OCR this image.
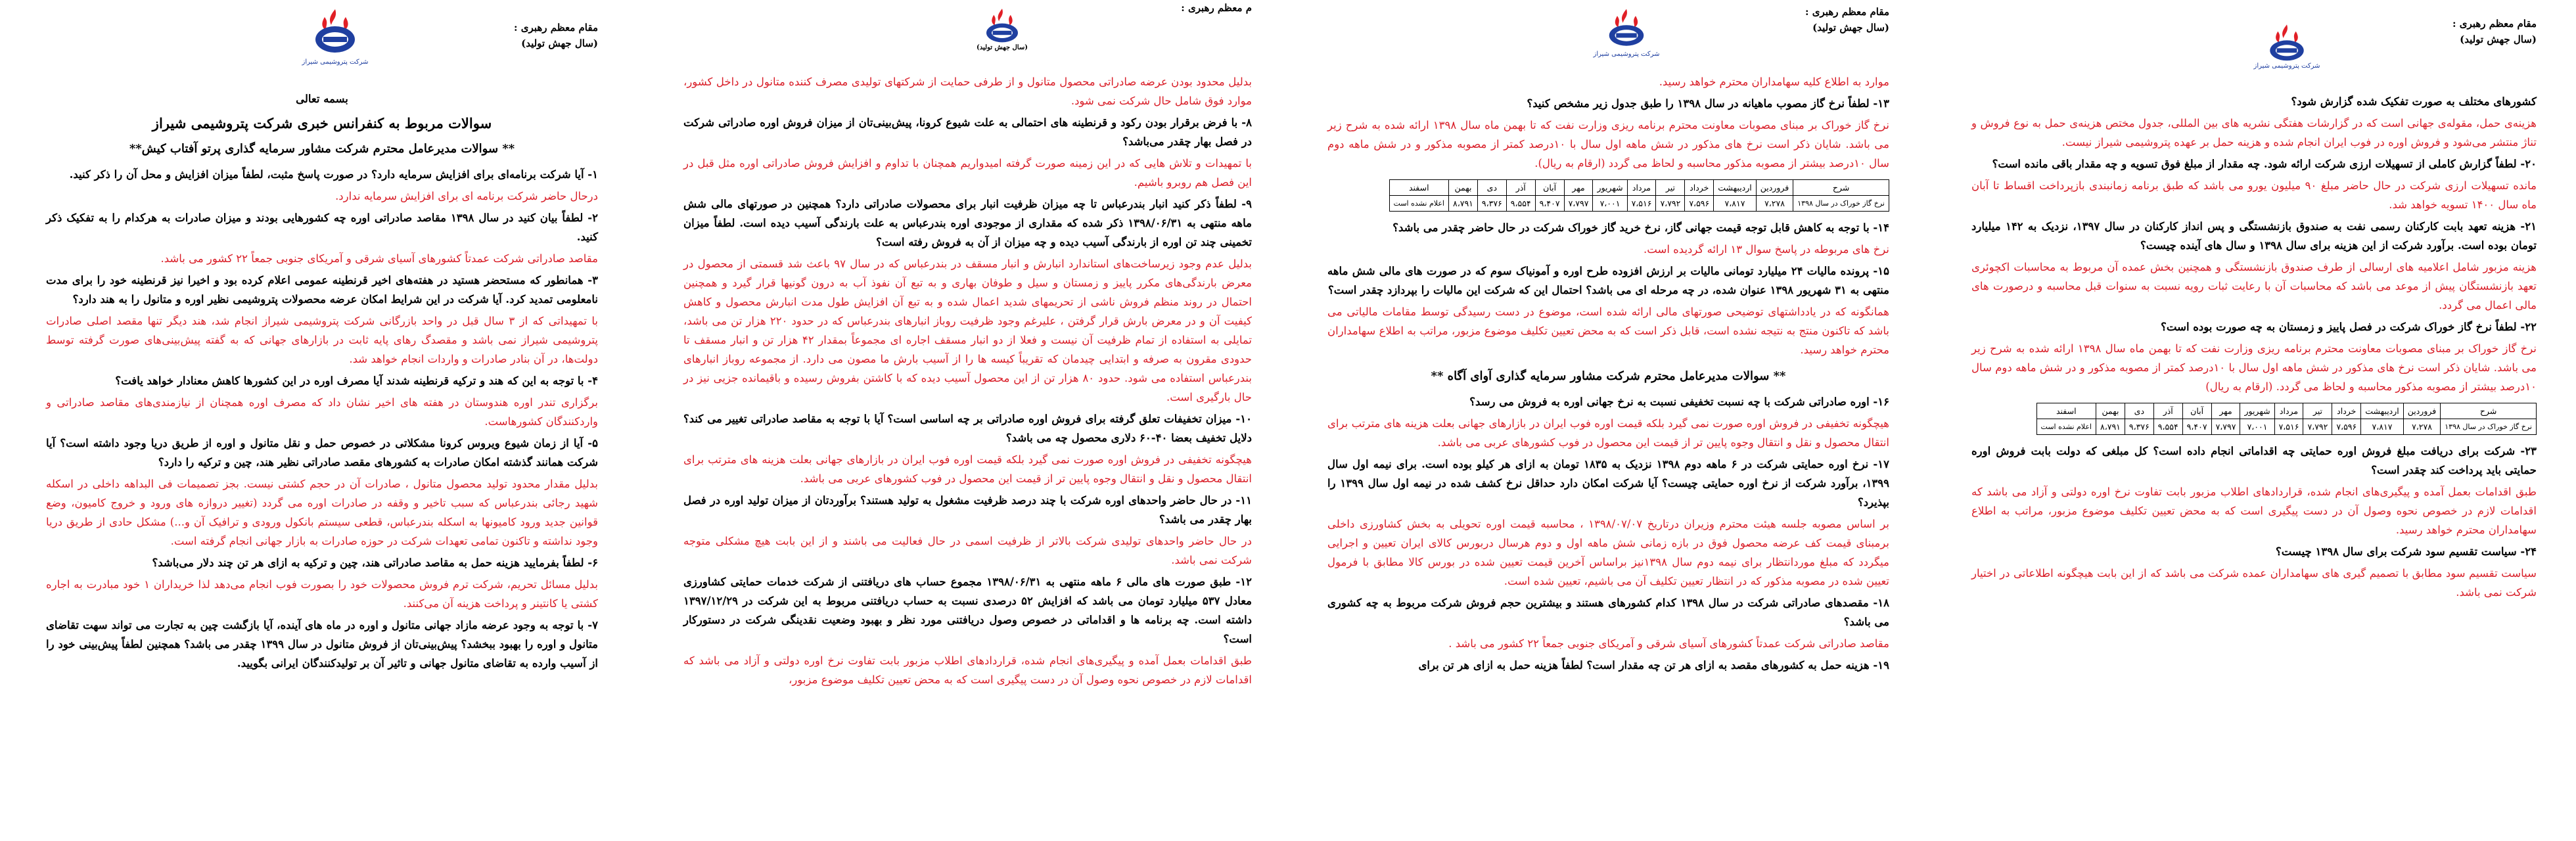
مقام معظم رهبری :
(سال جهش تولید)
شرکت پتروشیمی شیراز

بسمه تعالی

سوالات مربوط به کنفرانس خبری شرکت پتروشیمی شیراز
** سوالات مدیرعامل محترم شرکت مشاور سرمایه گذاری پرتو آفتاب کیش**

۱- آیا شرکت برنامه‌ای برای افزایش سرمایه دارد؟ در صورت پاسخ مثبت، لطفاً میزان افزایش و محل آن را ذکر کنید.

درحال حاضر شرکت برنامه ای برای افزایش سرمایه ندارد.

۲- لطفاً بیان کنید در سال ۱۳۹۸ مقاصد صادراتی اوره چه کشورهایی بودند و میزان صادرات به هرکدام را به تفکیک ذکر کنید.

مقاصد صادراتی شرکت عمدتاً کشورهای آسیای شرقی و آمریکای جنوبی جمعاً ۲۲ کشور می باشد.

۳- همانطور که مستحضر هستید در هفته‌های اخیر قرنطینه عمومی اعلام کرده بود و اخیرا نیز قرنطینه خود را برای مدت نامعلومی تمدید کرد. آیا شرکت در این شرایط امکان عرضه محصولات پتروشیمی نظیر اوره و متانول را به هند دارد؟

با تمهیداتی که از ۳ سال قبل در واحد بازرگانی شرکت پتروشیمی شیراز انجام شد، هند دیگر تنها مقصد اصلی صادرات پتروشیمی شیراز نمی باشد و مقصدگ رهای پایه ثابت در بازارهای جهانی که به گفته پیش‌بینی‌های صورت گرفته توسط دولت‌ها، در آن بنادر صادرات و واردات انجام خواهد شد.

۴- با توجه به این که هند و ترکیه قرنطینه شدند آیا مصرف اوره در این کشورها کاهش معنادار خواهد یافت؟

برگزاری تندر اوره هندوستان در هفته های اخیر نشان داد که مصرف اوره همچنان از نیازمندی‌های مقاصد صادراتی و واردکنندگان کشورهاست.

۵- آیا از زمان شیوع ویروس کرونا مشکلاتی در خصوص حمل و نقل متانول و اوره از طریق دریا وجود داشته است؟ آیا شرکت همانند گذشته امکان صادرات به کشورهای مقصد صادراتی نظیر هند، چین و ترکیه را دارد؟

بدلیل مقدار محدود تولید محصول متانول ، صادرات آن در حجم کشتی نیست. بجز تصمیمات فی البداهه داخلی در اسکله شهید رجائی بندرعباس که سبب تاخیر و وقفه در صادرات اوره می گردد (تغییر دروازه های ورود و خروج کامیون، وضع قوانین جدید ورود کامیونها به اسکله بندرعباس، قطعی سیستم بانکول ورودی و ترافیک آن و...) مشکل حادی از طریق دریا وجود نداشته و تاکنون تمامی تعهدات شرکت در حوزه صادرات به بازار جهانی انجام گرفته است.

۶- لطفاً بفرمایید هزینه حمل به مقاصد صادراتی هند، چین و ترکیه به ازای هر تن چند دلار می‌باشد؟

بدلیل مسائل تحریم، شرکت ترم فروش محصولات خود را بصورت فوب انجام می‌دهد لذا خریداران ۱ خود مبادرت به اجاره کشتی یا کانتینر و پرداخت هزینه آن می‌کنند.

۷- با توجه به وجود عرضه مازاد جهانی متانول و اوره در ماه های آینده، آیا بازگشت چین به تجارت می تواند سهت تقاضای متانول و اوره را بهبود ببخشد؟ پیش‌بینی‌تان از فروش متانول در سال ۱۳۹۹ چقدر می باشد؟ همچنین لطفاً پیش‌بینی خود را از آسیب وارده به تقاضای متانول جهانی و تاثیر آن بر تولیدکنندگان ایرانی بگویید.

م معظم رهبری :
(سال جهش تولید)

بدلیل محدود بودن عرضه صادراتی محصول متانول و از طرفی حمایت از شرکتهای تولیدی مصرف کننده متانول در داخل کشور، موارد فوق شامل حال شرکت نمی شود.

۸- با فرض برقرار بودن رکود و قرنطینه های احتمالی به علت شیوع کرونا، پیش‌بینی‌تان از میزان فروش اوره صادراتی شرکت در فصل بهار چقدر می‌باشد؟

با تمهیدات و تلاش هایی که در این زمینه صورت گرفته امیدواریم همچنان با تداوم و افزایش فروش صادراتی اوره مثل قبل در این فصل هم روبرو باشیم.

۹- لطفاً ذکر کنید انبار بندرعباس تا چه میزان ظرفیت انبار برای محصولات صادراتی دارد؟ همچنین در صورتهای مالی شش ماهه منتهی به ۱۳۹۸/۰۶/۳۱ ذکر شده که مقداری از موجودی اوره بندرعباس به علت بارندگی آسیب دیده است. لطفاً میزان تخمینی چند تن اوره از بارندگی آسیب دیده و چه میزان از آن به فروش رفته است؟

بدلیل عدم وجود زیرساخت‌های استاندارد انبارش و انبار مسقف در بندرعباس که در سال ۹۷ باعث شد قسمتی از محصول در معرض بارندگی‌های مکرر پاییز و زمستان و سیل و طوفان بهاری و به تبع آن نفوذ آب به درون گونیها قرار گیرد و همچنین احتمال در روند منظم فروش ناشی از تحریمهای شدید اعمال شده و به تبع آن افزایش طول مدت انبارش محصول و کاهش کیفیت آن و در معرض بارش قرار گرفتن ، علیرغم وجود ظرفیت روباز انبارهای بندرعباس که در حدود ۲۲۰ هزار تن می باشد، تمایلی به استفاده از تمام ظرفیت آن نیست و فعلا از دو انبار مسقف اجاره ای مجموعاً بمقدار ۴۲ هزار تن و انبار مسقف تا حدودی مقرون به صرفه و ابتدایی چیدمان که تقریباً کیسه ها را از آسیب بارش ما مصون می دارد. از مجموعه روباز انبارهای بندرعباس استفاده می شود. حدود ۸۰ هزار تن از این محصول آسیب دیده که با کاشتن بفروش رسیده و باقیمانده جزیی نیز در حال بارگیری است.

۱۰- میزان تخفیفات تعلق گرفته برای فروش اوره صادراتی بر چه اساسی است؟ آیا با توجه به مقاصد صادراتی تغییر می کند؟ دلایل تخفیف بعضا ۴۰-۶۰ دلاری محصول چه می باشد؟

هیچگونه تخفیفی در فروش اوره صورت نمی گیرد بلکه قیمت اوره فوب ایران در بازارهای جهانی بعلت هزینه های مترتب برای انتقال محصول و نقل و انتقال وجوه پایین تر از قیمت این محصول در فوب کشورهای عربی می باشد.

۱۱- در حال حاضر واحدهای اوره شرکت با چند درصد ظرفیت مشغول به تولید هستند؟ برآوردتان از میزان تولید اوره در فصل بهار چقدر می باشد؟

در حال حاضر واحدهای تولیدی شرکت بالاتر از ظرفیت اسمی در حال فعالیت می باشند و از این بابت هیچ مشکلی متوجه شرکت نمی باشد.

۱۲- طبق صورت های مالی ۶ ماهه منتهی به ۱۳۹۸/۰۶/۳۱ مجموع حساب های دریافتنی از شرکت خدمات حمایتی کشاورزی معادل ۵۳۷ میلیارد تومان می باشد که افزایش ۵۲ درصدی نسبت به حساب دریافتنی مربوط به این شرکت در ۱۳۹۷/۱۲/۲۹ داشته است. چه برنامه ها و اقداماتی در خصوص وصول دریافتنی مورد نظر و بهبود وضعیت نقدینگی شرکت در دستورکار است؟

طبق اقدامات بعمل آمده و پیگیری‌های انجام شده، قراردادهای اطلاب مزبور بابت تفاوت نرخ اوره دولتی و آزاد می باشد که اقدامات لازم در خصوص نحوه وصول آن در دست پیگیری است که به محض تعیین تکلیف موضوع مزبور،

مقام معظم رهبری :
(سال جهش تولید)
شرکت پتروشیمی شیراز

موارد به اطلاع کلیه سهامداران محترم خواهد رسید.

۱۳- لطفاً نرخ گاز مصوب ماهیانه در سال ۱۳۹۸ را طبق جدول زیر مشخص کنید؟

نرخ گاز خوراک بر مبنای مصوبات معاونت محترم برنامه ریزی وزارت نفت که تا بهمن ماه سال ۱۳۹۸ ارائه شده به شرح زیر می باشد. شایان ذکر است نرخ های مذکور در شش ماهه اول سال با ۱۰درصد کمتر از مصوبه مذکور و در شش ماهه دوم سال ۱۰درصد بیشتر از مصوبه مذکور محاسبه و لحاظ می گردد (ارقام به ریال).

شرح	فروردین	اردیبهشت	خرداد	تیر	مرداد	شهریور	مهر	آبان	آذر	دی	بهمن	اسفند
نرخ گاز خوراک در سال ۱۳۹۸	۷،۲۷۸	۷،۸۱۷	۷،۵۹۶	۷،۷۹۲	۷،۵۱۶	۷،۰۰۱	۷،۷۹۷	۹،۴۰۷	۹،۵۵۴	۹،۳۷۶	۸،۷۹۱	اعلام نشده است

۱۴- با توجه به کاهش قابل توجه قیمت جهانی گاز، نرخ خرید گاز خوراک شرکت در حال حاضر چقدر می باشد؟

نرخ های مربوطه در پاسخ سوال ۱۳ ارائه گردیده است.

۱۵- پرونده مالیات ۲۴ میلیارد تومانی مالیات بر ارزش افزوده طرح اوره و آمونیاک سوم که در صورت های مالی شش ماهه منتهی به ۳۱ شهریور ۱۳۹۸ عنوان شده، در چه مرحله ای می باشد؟ احتمال این که شرکت این مالیات را بپردازد چقدر است؟

همانگونه که در یادداشتهای توضیحی صورتهای مالی ارائه شده است، موضوع در دست رسیدگی توسط مقامات مالیاتی می باشد که تاکنون منتج به نتیجه نشده است، قابل ذکر است که به محض تعیین تکلیف موضوع مزبور، مراتب به اطلاع سهامداران محترم خواهد رسید.

** سوالات مدیرعامل محترم شرکت مشاور سرمایه گذاری آوای آگاه **

۱۶- اوره صادراتی شرکت با چه نسبت تخفیفی نسبت به نرخ جهانی اوره به فروش می رسد؟

هیچگونه تخفیفی در فروش اوره صورت نمی گیرد بلکه قیمت اوره فوب ایران در بازارهای جهانی بعلت هزینه های مترتب برای انتقال محصول و نقل و انتقال وجوه پایین تر از قیمت این محصول در فوب کشورهای عربی می باشد.

۱۷- نرخ اوره حمایتی شرکت در ۶ ماهه دوم ۱۳۹۸ نزدیک به ۱۸۳۵ تومان به ازای هر کیلو بوده است. برای نیمه اول سال ۱۳۹۹، برآورد شرکت از نرخ اوره حمایتی چیست؟ آیا شرکت امکان دارد حداقل نرخ کشف شده در نیمه اول سال ۱۳۹۹ را بپذیرد؟

بر اساس مصوبه جلسه هیئت محترم وزیران درتاریخ ۱۳۹۸/۰۷/۰۷ ، محاسبه قیمت اوره تحویلی به بخش کشاورزی داخلی برمبنای قیمت کف عرضه محصول فوق در بازه زمانی شش ماهه اول و دوم هرسال دربورس کالای ایران تعیین و اجرایی میگردد که مبلغ موردانتظار برای نیمه دوم سال ۱۳۹۸نیز براساس آخرین قیمت تعیین شده در بورس کالا مطابق با فرمول تعیین شده در مصوبه مذکور که در انتظار تعیین تکلیف آن می باشیم، تعیین شده است.

۱۸- مقصدهای صادراتی شرکت در سال ۱۳۹۸ کدام کشورهای هستند و بیشترین حجم فروش شرکت مربوط به چه کشوری می باشد؟

مقاصد صادراتی شرکت عمدتاً کشورهای آسیای شرقی و آمریکای جنوبی جمعاً ۲۲ کشور می باشد .

۱۹- هزینه حمل به کشورهای مقصد به ازای هر تن چه مقدار است؟ لطفاً هزینه حمل به ازای هر تن برای

مقام معظم رهبری :
(سال جهش تولید)
شرکت پتروشیمی شیراز

کشورهای مختلف به صورت تفکیک شده گزارش شود؟

هزینه‌ی حمل، مقوله‌ی جهانی است که در گزارشات هفتگی نشریه های بین المللی، جدول مختص هزینه‌ی حمل به نوع فروش و تناژ منتشر می‌شود و فروش اوره در فوب ایران انجام شده و هزینه حمل بر عهده پتروشیمی شیراز نیست.

۲۰- لطفاً گزارش کاملی از تسهیلات ارزی شرکت ارائه شود. چه مقدار از مبلغ فوق تسویه و چه مقدار باقی مانده است؟

مانده تسهیلات ارزی شرکت در حال حاضر مبلغ ۹۰ میلیون یورو می باشد که طبق برنامه زمانبندی بازپرداخت اقساط تا آبان ماه سال ۱۴۰۰ تسویه خواهد شد.

۲۱- هزینه تعهد بابت کارکنان رسمی نفت به صندوق بازنشستگی و پس انداز کارکنان در سال ۱۳۹۷، نزدیک به ۱۴۲ میلیارد تومان بوده است. برآورد شرکت از این هزینه برای سال ۱۳۹۸ و سال های آینده چیست؟

هزینه مزبور شامل اعلامیه های ارسالی از طرف صندوق بازنشستگی و همچنین بخش عمده آن مربوط به محاسبات اکچوئری تعهد بازنشستگان پیش از موعد می باشد که محاسبات آن با رعایت ثبات رویه نسبت به سنوات قبل محاسبه و درصورت های مالی اعمال می گردد.

۲۲- لطفاً نرخ گاز خوراک شرکت در فصل پاییز و زمستان به چه صورت بوده است؟

نرخ گاز خوراک بر مبنای مصوبات معاونت محترم برنامه ریزی وزارت نفت که تا بهمن ماه سال ۱۳۹۸ ارائه شده به شرح زیر می باشد. شایان ذکر است نرخ های مذکور در شش ماهه اول سال با ۱۰درصد کمتر از مصوبه مذکور و در شش ماهه دوم سال ۱۰درصد بیشتر از مصوبه مذکور محاسبه و لحاظ می گردد. (ارقام به ریال)

شرح	فروردین	اردیبهشت	خرداد	تیر	مرداد	شهریور	مهر	آبان	آذر	دی	بهمن	اسفند
نرخ گاز خوراک در سال ۱۳۹۸	۷،۲۷۸	۷،۸۱۷	۷،۵۹۶	۷،۷۹۲	۷،۵۱۶	۷،۰۰۱	۷،۷۹۷	۹،۴۰۷	۹،۵۵۴	۹،۳۷۶	۸،۷۹۱	اعلام نشده است

۲۳- شرکت برای دریافت مبلغ فروش اوره حمایتی چه اقداماتی انجام داده است؟ کل مبلغی که دولت بابت فروش اوره حمایتی باید پرداخت کند چقدر است؟

طبق اقدامات بعمل آمده و پیگیری‌های انجام شده، قراردادهای اطلاب مزبور بابت تفاوت نرخ اوره دولتی و آزاد می باشد که اقدامات لازم در خصوص نحوه وصول آن در دست پیگیری است که به محض تعیین تکلیف موضوع مزبور، مراتب به اطلاع سهامداران محترم خواهد رسید.

۲۴- سیاست تقسیم سود شرکت برای سال ۱۳۹۸ چیست؟

سیاست تقسیم سود مطابق با تصمیم گیری های سهامداران عمده شرکت می باشد که از این بابت هیچگونه اطلاعاتی در اختیار شرکت نمی باشد.
